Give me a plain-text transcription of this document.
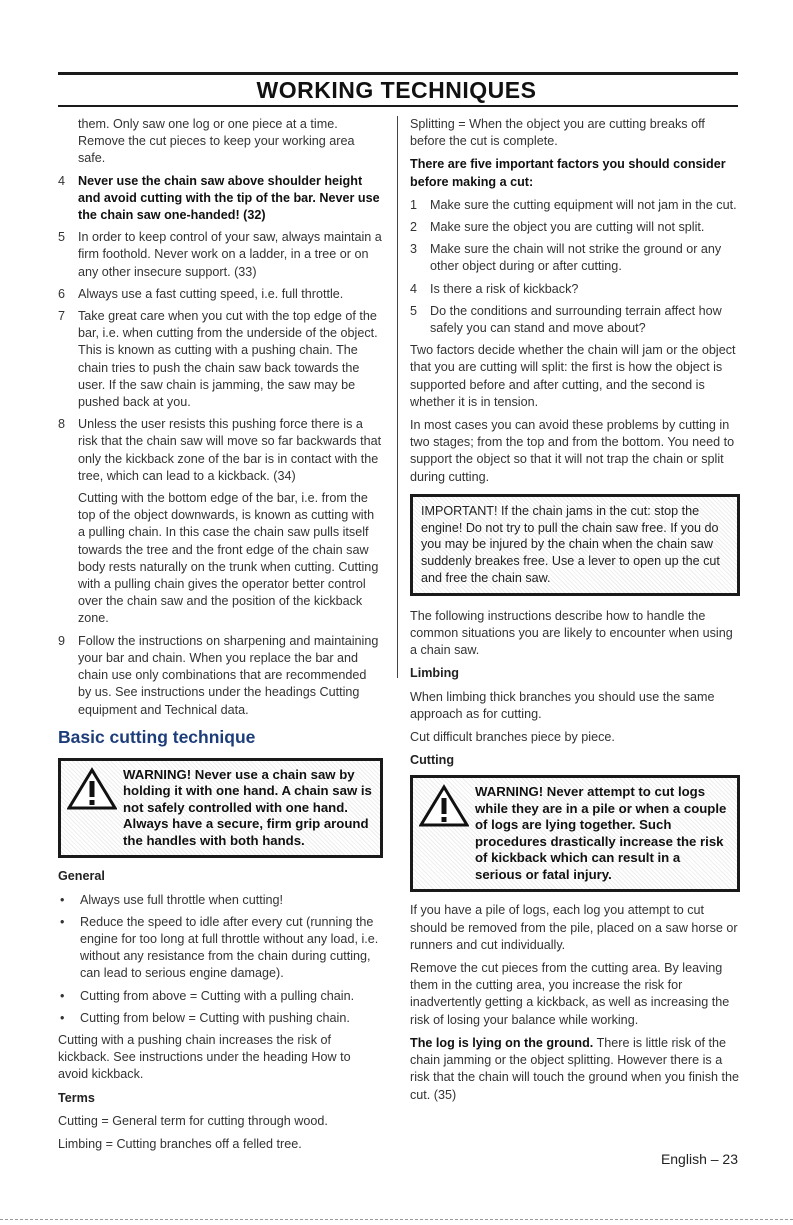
WORKING TECHNIQUES

them. Only saw one log or one piece at a time. Remove the cut pieces to keep your working area safe.

4	Never use the chain saw above shoulder height and avoid cutting with the tip of the bar. Never use the chain saw one-handed! (32)
5	In order to keep control of your saw, always maintain a firm foothold. Never work on a ladder, in a tree or on any other insecure support. (33)
6	Always use a fast cutting speed, i.e. full throttle.
7	Take great care when you cut with the top edge of the bar, i.e. when cutting from the underside of the object. This is known as cutting with a pushing chain. The chain tries to push the chain saw back towards the user. If the saw chain is jamming, the saw may be pushed back at you.
8	Unless the user resists this pushing force there is a risk that the chain saw will move so far backwards that only the kickback zone of the bar is in contact with the tree, which can lead to a kickback. (34)

Cutting with the bottom edge of the bar, i.e. from the top of the object downwards, is known as cutting with a pulling chain. In this case the chain saw pulls itself towards the tree and the front edge of the chain saw body rests naturally on the trunk when cutting. Cutting with a pulling chain gives the operator better control over the chain saw and the position of the kickback zone.

9	Follow the instructions on sharpening and maintaining your bar and chain. When you replace the bar and chain use only combinations that are recommended by us. See instructions under the headings Cutting equipment and Technical data.
Basic cutting technique
WARNING! Never use a chain saw by holding it with one hand. A chain saw is not safely controlled with one hand. Always have a secure, firm grip around the handles with both hands.
General
•	Always use full throttle when cutting!
•	Reduce the speed to idle after every cut (running the engine for too long at full throttle without any load, i.e. without any resistance from the chain during cutting, can lead to serious engine damage).
•	Cutting from above = Cutting with a pulling chain.
•	Cutting from below = Cutting with pushing chain.

Cutting with a pushing chain increases the risk of kickback. See instructions under the heading How to avoid kickback.

Terms

Cutting = General term for cutting through wood.

Limbing = Cutting branches off a felled tree.

Splitting = When the object you are cutting breaks off before the cut is complete.

There are five important factors you should consider before making a cut:

1	Make sure the cutting equipment will not jam in the cut.
2	Make sure the object you are cutting will not split.
3	Make sure the chain will not strike the ground or any other object during or after cutting.
4	Is there a risk of kickback?
5	Do the conditions and surrounding terrain affect how safely you can stand and move about?

Two factors decide whether the chain will jam or the object that you are cutting will split: the first is how the object is supported before and after cutting, and the second is whether it is in tension.

In most cases you can avoid these problems by cutting in two stages; from the top and from the bottom. You need to support the object so that it will not trap the chain or split during cutting.

IMPORTANT! If the chain jams in the cut: stop the engine! Do not try to pull the chain saw free. If you do you may be injured by the chain when the chain saw suddenly breakes free. Use a lever to open up the cut and free the chain saw.

The following instructions describe how to handle the common situations you are likely to encounter when using a chain saw.

Limbing

When limbing thick branches you should use the same approach as for cutting.

Cut difficult branches piece by piece.

Cutting
WARNING! Never attempt to cut logs while they are in a pile or when a couple of logs are lying together. Such procedures drastically increase the risk of kickback which can result in a serious or fatal injury.

If you have a pile of logs, each log you attempt to cut should be removed from the pile, placed on a saw horse or runners and cut individually.

Remove the cut pieces from the cutting area. By leaving them in the cutting area, you increase the risk for inadvertently getting a kickback, as well as increasing the risk of losing your balance while working.

The log is lying on the ground. There is little risk of the chain jamming or the object splitting. However there is a risk that the chain will touch the ground when you finish the cut. (35)

English – 23
